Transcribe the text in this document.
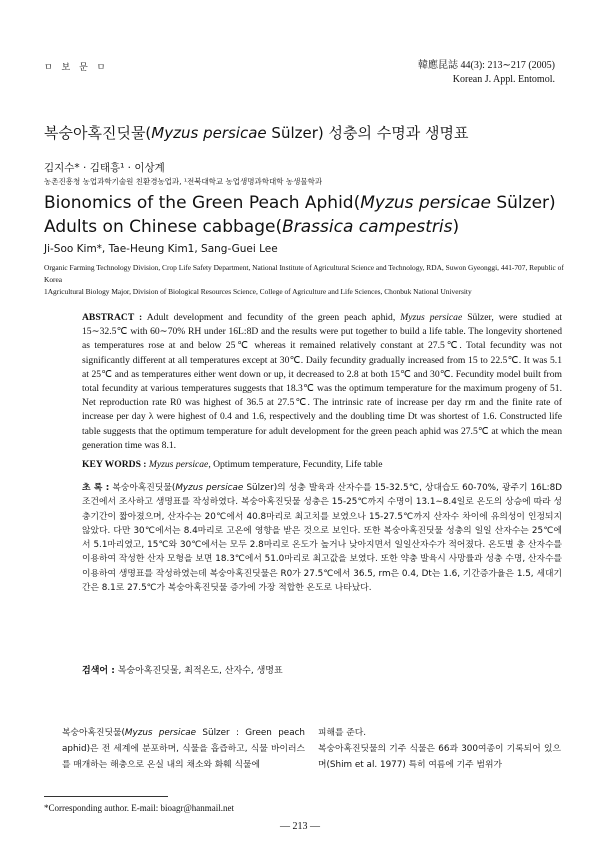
ㅁ 보 문 ㅁ	韓應昆誌 44(3): 213∼217 (2005)
Korean J. Appl. Entomol.
복숭아혹진딧물(Myzus persicae Sülzer) 성충의 수명과 생명표
김지수* · 김태흥¹ · 이상계
농촌진흥청 농업과학기술원 친환경농업과, ¹전북대학교 농업생명과학대학 농생물학과
Bionomics of the Green Peach Aphid(Myzus persicae Sülzer) Adults on Chinese cabbage(Brassica campestris)
Ji-Soo Kim*, Tae-Heung Kim1, Sang-Guei Lee
Organic Farming Technology Division, Crop Life Safety Department, National Institute of Agricultural Science and Technology, RDA, Suwon Gyeonggi, 441-707, Republic of Korea
1Agricultural Biology Major, Division of Biological Resources Science, College of Agriculture and Life Sciences, Chonbuk National University
ABSTRACT : Adult development and fecundity of the green peach aphid, Myzus persicae Sülzer, were studied at 15∼32.5℃ with 60∼70% RH under 16L:8D and the results were put together to build a life table. The longevity shortened as temperatures rose at and below 25℃ whereas it remained relatively constant at 27.5℃. Total fecundity was not significantly different at all temperatures except at 30℃. Daily fecundity gradually increased from 15 to 22.5℃. It was 5.1 at 25℃ and as temperatures either went down or up, it decreased to 2.8 at both 15℃ and 30℃. Fecundity model built from total fecundity at various temperatures suggests that 18.3℃ was the optimum temperature for the maximum progeny of 51. Net reproduction rate R0 was highest of 36.5 at 27.5℃. The intrinsic rate of increase per day rm and the finite rate of increase per day λ were highest of 0.4 and 1.6, respectively and the doubling time Dt was shortest of 1.6. Constructed life table suggests that the optimum temperature for adult development for the green peach aphid was 27.5℃ at which the mean generation time was 8.1.
KEY WORDS : Myzus persicae, Optimum temperature, Fecundity, Life table
초 록 : 복숭아혹진딧물(Myzus persicae Sülzer)의 성충 발육과 산자수를 15-32.5℃, 상대습도 60-70%, 광주기 16L:8D 조건에서 조사하고 생명표를 작성하였다. 복숭아혹진딧물 성충은 15-25℃까지 수명이 13.1∼8.4일로 온도의 상승에 따라 성충기간이 짧아졌으며, 산자수는 20℃에서 40.8마리로 최고치를 보였으나 15-27.5℃까지 산자수 차이에 유의성이 인정되지 않았다. 다만 30℃에서는 8.4마리로 고온에 영향을 받은 것으로 보인다. 또한 복숭아혹진딧물 성충의 일일 산자수는 25℃에서 5.1마리였고, 15℃와 30℃에서는 모두 2.8마리로 온도가 높거나 낮아지면서 일일산자수가 적어졌다. 온도별 총 산자수를 이용하여 작성한 산자 모형을 보면 18.3℃에서 51.0마리로 최고값을 보였다. 또한 약충 발육시 사망률과 성충 수명, 산자수를 이용하여 생명표를 작성하였는데 복숭아혹진딧물은 R0가 27.5℃에서 36.5, rm은 0.4, Dt는 1.6, 기간증가율은 1.5, 세대기간은 8.1로 27.5℃가 복숭아혹진딧물 증가에 가장 적합한 온도로 나타났다.
검색어 : 복숭아혹진딧물, 최적온도, 산자수, 생명표
복숭아혹진딧물(Myzus persicae Sülzer : Green peach aphid)은 전 세계에 분포하며, 식물을 흡즙하고, 식물 바이러스를 매개하는 해충으로 온실 내의 채소와 화훼 식물에
피해를 준다.
복숭아혹진딧물의 기주 식물은 66과 300여종이 기록되어 있으며(Shim et al. 1977) 특히 여름에 기주 범위가
*Corresponding author. E-mail: bioagr@hanmail.net
— 213 —
